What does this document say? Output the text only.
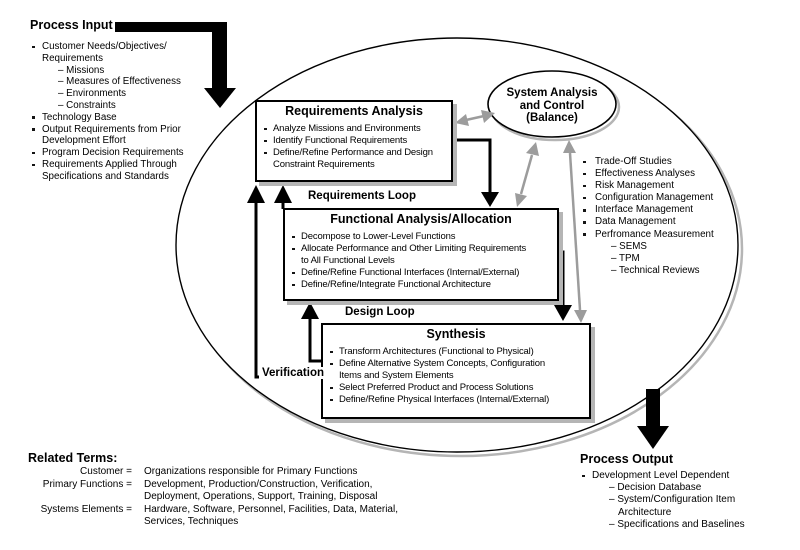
Process Input
Customer Needs/Objectives/
Requirements
– Missions
– Measures of Effectiveness
– Environments
– Constraints
Technology Base
Output Requirements from Prior
Development Effort
Program Decision Requirements
Requirements Applied Through
Specifications and Standards
System Analysis
and Control
(Balance)
Trade-Off Studies
Effectiveness Analyses
Risk Management
Configuration Management
Interface Management
Data Management
Perfromance Measurement
– SEMS
– TPM
– Technical Reviews
Requirements Analysis
Analyze Missions and Environments
Identify Functional Requirements
Define/Refine Performance and Design Constraint Requirements
Functional Analysis/Allocation
Decompose to Lower-Level Functions
Allocate Performance and Other Limiting Requirements to All Functional Levels
Define/Refine Functional Interfaces (Internal/External)
Define/Refine/Integrate Functional Architecture
Synthesis
Transform Architectures (Functional to Physical)
Define Alternative System Concepts, Configuration Items and System Elements
Select Preferred Product and Process Solutions
Define/Refine Physical Interfaces (Internal/External)
Requirements Loop
Design Loop
Verification
Process Output
Development Level Dependent
– Decision Database
– System/Configuration Item
Architecture
– Specifications and Baselines
Related Terms:
Customer = Organizations responsible for Primary Functions
Primary Functions = Development, Production/Construction, Verification,
Deployment, Operations, Support, Training, Disposal
Systems Elements = Hardware, Software, Personnel, Facilities, Data, Material,
Services, Techniques
